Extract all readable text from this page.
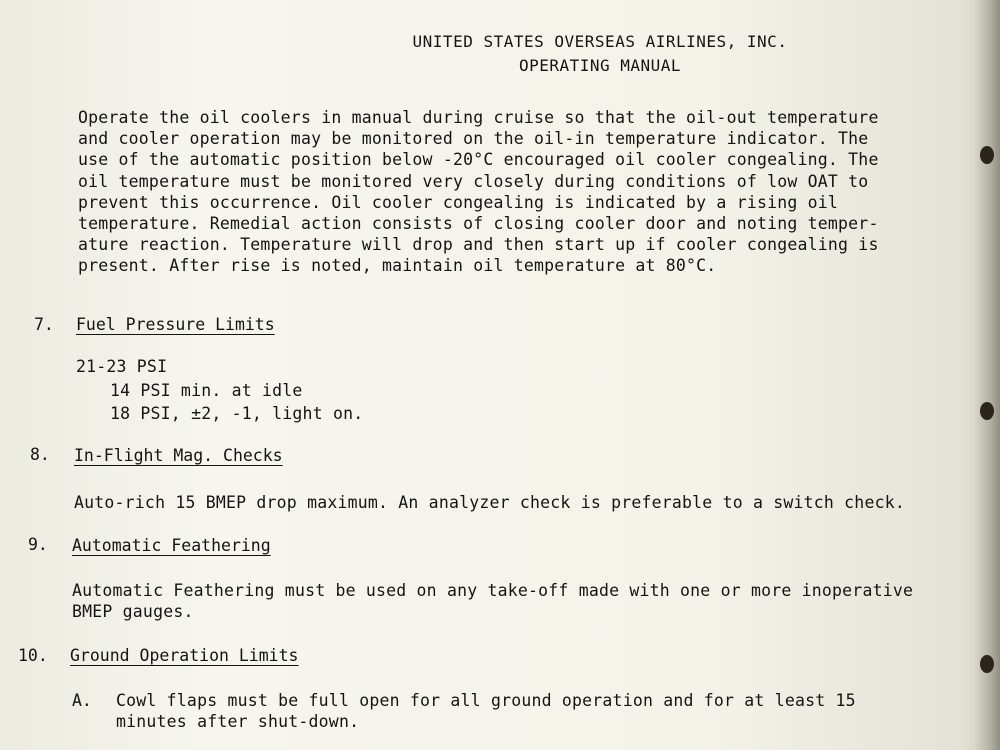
UNITED STATES OVERSEAS AIRLINES, INC.
OPERATING MANUAL
Operate the oil coolers in manual during cruise so that the oil-out temperature
and cooler operation may be monitored on the oil-in temperature indicator. The
use of the automatic position below -20°C encouraged oil cooler congealing. The
oil temperature must be monitored very closely during conditions of low OAT to
prevent this occurrence. Oil cooler congealing is indicated by a rising oil
temperature. Remedial action consists of closing cooler door and noting temper-
ature reaction. Temperature will drop and then start up if cooler congealing is
present. After rise is noted, maintain oil temperature at 80°C.
7. Fuel Pressure Limits
21-23 PSI
14 PSI min. at idle
18 PSI, ±2, -1, light on.
8. In-Flight Mag. Checks
Auto-rich 15 BMEP drop maximum. An analyzer check is preferable to a switch check.
9. Automatic Feathering
Automatic Feathering must be used on any take-off made with one or more inoperative
BMEP gauges.
10. Ground Operation Limits
A. Cowl flaps must be full open for all ground operation and for at least 15
minutes after shut-down.
